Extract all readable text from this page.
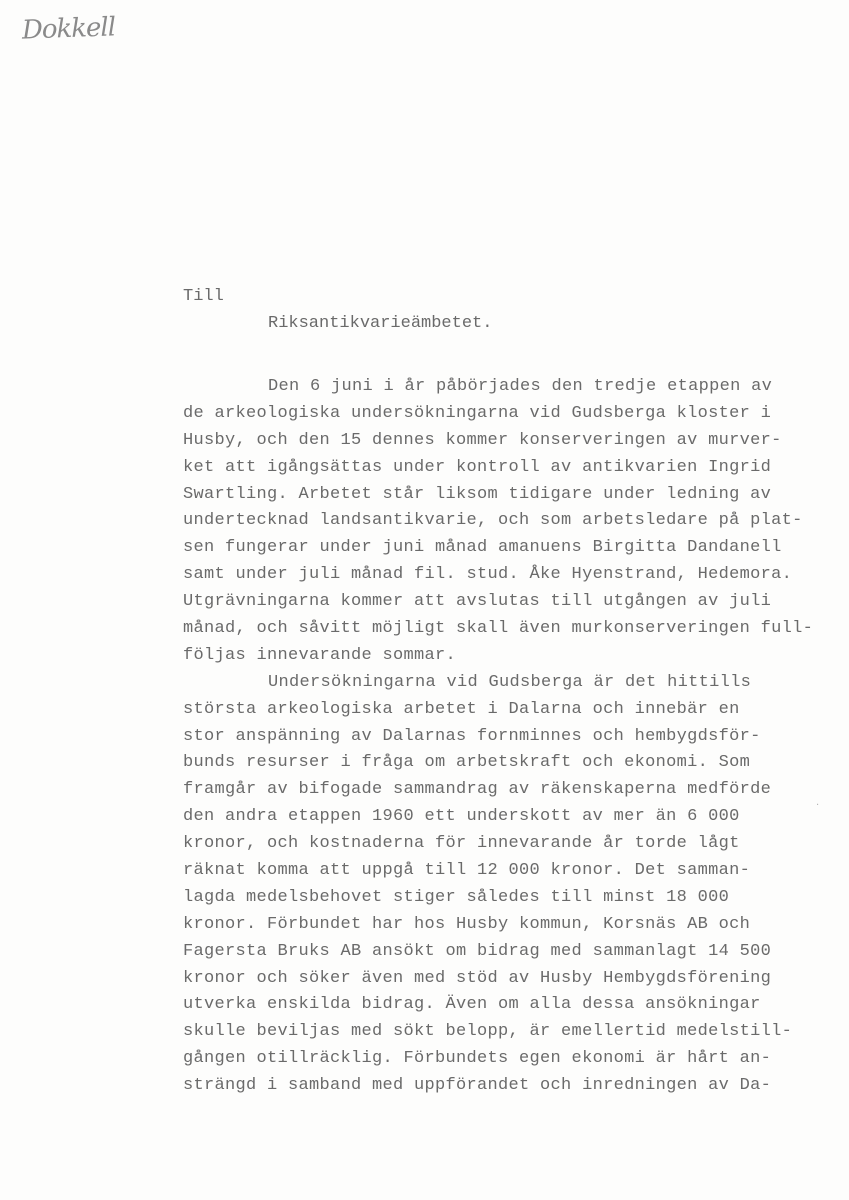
Dokkell
Till
Riksantikvarieämbetet.
Den 6 juni i år påbörjades den tredje etappen av
de arkeologiska undersökningarna vid Gudsberga kloster i
Husby, och den 15 dennes kommer konserveringen av murver-
ket att igångsättas under kontroll av antikvarien Ingrid
Swartling. Arbetet står liksom tidigare under ledning av
undertecknad landsantikvarie, och som arbetsledare på plat-
sen fungerar under juni månad amanuens Birgitta Dandanell
samt under juli månad fil. stud. Åke Hyenstrand, Hedemora.
Utgrävningarna kommer att avslutas till utgången av juli
månad, och såvitt möjligt skall även murkonserveringen full-
följas innevarande sommar.
Undersökningarna vid Gudsberga är det hittills
största arkeologiska arbetet i Dalarna och innebär en
stor anspänning av Dalarnas fornminnes och hembygdsför-
bunds resurser i fråga om arbetskraft och ekonomi. Som
framgår av bifogade sammandrag av räkenskaperna medförde
den andra etappen 1960 ett underskott av mer än 6 000
kronor, och kostnaderna för innevarande år torde lågt
räknat komma att uppgå till 12 000 kronor. Det samman-
lagda medelsbehovet stiger således till minst 18 000
kronor. Förbundet har hos Husby kommun, Korsnäs AB och
Fagersta Bruks AB ansökt om bidrag med sammanlagt 14 500
kronor och söker även med stöd av Husby Hembygdsförening
utverka enskilda bidrag. Även om alla dessa ansökningar
skulle beviljas med sökt belopp, är emellertid medelstill-
gången otillräcklig. Förbundets egen ekonomi är hårt an-
strängd i samband med uppförandet och inredningen av Da-
·
